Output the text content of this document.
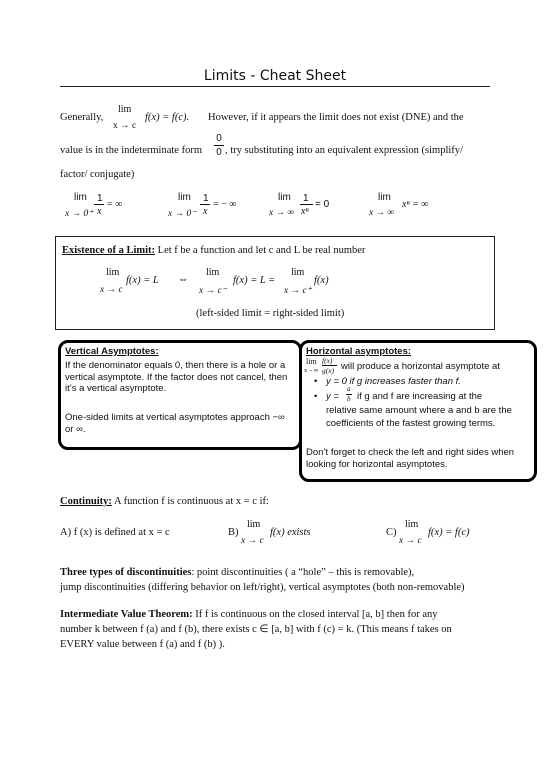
Limits - Cheat Sheet
Generally,
lim
x → c
f(x) = f(c). However, if it appears the limit does not exist (DNE) and the
value is in the indeterminate form
0
0 , try substituting into an equivalent expression (simplify/
factor/ conjugate)
lim
x → 0⁺
1
x
= ∞
lim
x → 0⁻
1
x
= − ∞
lim
x → ∞
1
xⁿ
= 0
lim
x → ∞
xⁿ = ∞
Existence of a Limit: Let f be a function and let c and L be real number
lim
x → c
f(x) = L ⇔
lim
x → c⁻
f(x) = L =
lim
x → c⁺
f(x)
(left-sided limit = right-sided limit)
Vertical Asymptotes:
If the denominator equals 0, then there is a hole or a vertical asymptote. If the factor does not cancel, then it’s a vertical asymptote.
One-sided limits at vertical asymptotes approach −∞ or ∞.
Horizontal asymptotes:
lim
x→∞
f(x)
g(x) will produce a horizontal asymptote at
• y = 0 if g increases faster than f.
• y =
a
b if g and f are increasing at the
relative same amount where a and b are the
coefficients of the fastest growing terms.
Don’t forget to check the left and right sides when looking for horizontal asymptotes.
Continuity: A function f is continuous at x = c if:
A) f (x) is defined at x = c	B)
lim
x → c
f(x) exists	C)
lim
x → c
f(x) = f(c)
Three types of discontinuities: point discontinuities ( a “hole” – this is removable),
jump discontinuities (differing behavior on left/right), vertical asymptotes (both non-removable)
Intermediate Value Theorem: If f is continuous on the closed interval [a, b] then for any
number k between f (a) and f (b), there exists c ∈ [a, b] with f (c) = k. (This means f takes on
EVERY value between f (a) and f (b) ).
